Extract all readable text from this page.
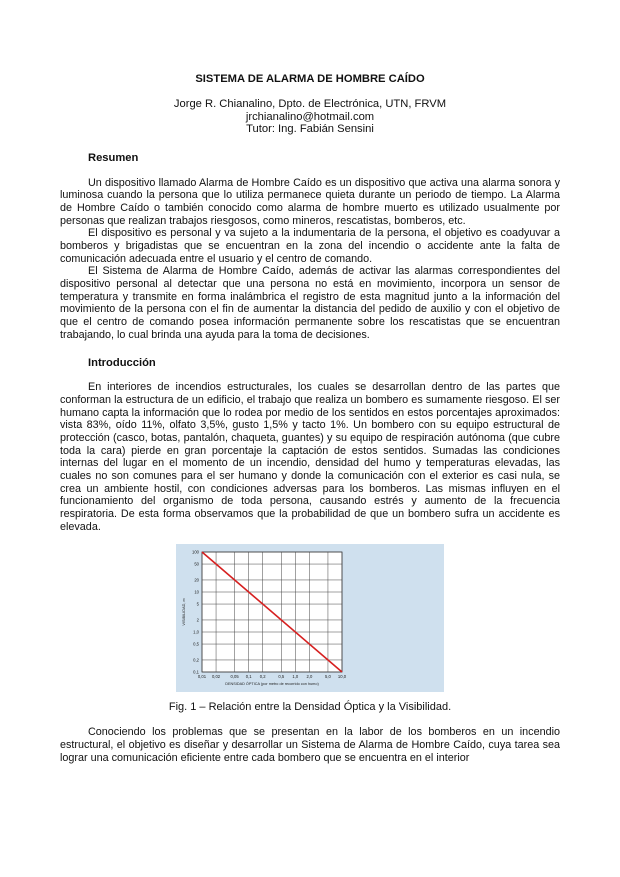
SISTEMA DE ALARMA DE HOMBRE CAÍDO
Jorge R. Chianalino, Dpto. de Electrónica, UTN, FRVM
jrchianalino@hotmail.com
Tutor: Ing. Fabián Sensini
Resumen

Un dispositivo llamado Alarma de Hombre Caído es un dispositivo que activa una alarma sonora y luminosa cuando la persona que lo utiliza permanece quieta durante un periodo de tiempo. La Alarma de Hombre Caído o también conocido como alarma de hombre muerto es utilizado usualmente por personas que realizan trabajos riesgosos, como mineros, rescatistas, bomberos, etc.

El dispositivo es personal y va sujeto a la indumentaria de la persona, el objetivo es coadyuvar a bomberos y brigadistas que se encuentran en la zona del incendio o accidente ante la falta de comunicación adecuada entre el usuario y el centro de comando.

El Sistema de Alarma de Hombre Caído, además de activar las alarmas correspondientes del dispositivo personal al detectar que una persona no está en movimiento, incorpora un sensor de temperatura y transmite en forma inalámbrica el registro de esta magnitud junto a la información del movimiento de la persona con el fin de aumentar la distancia del pedido de auxilio y con el objetivo de que el centro de comando posea información permanente sobre los rescatistas que se encuentran trabajando, lo cual brinda una ayuda para la toma de decisiones.

Introducción

En interiores de incendios estructurales, los cuales se desarrollan dentro de las partes que conforman la estructura de un edificio, el trabajo que realiza un bombero es sumamente riesgoso. El ser humano capta la información que lo rodea por medio de los sentidos en estos porcentajes aproximados: vista 83%, oído 11%, olfato 3,5%, gusto 1,5% y tacto 1%. Un bombero con su equipo estructural de protección (casco, botas, pantalón, chaqueta, guantes) y su equipo de respiración autónoma (que cubre toda la cara) pierde en gran porcentaje la captación de estos sentidos. Sumadas las condiciones internas del lugar en el momento de un incendio, densidad del humo y temperaturas elevadas, las cuales no son comunes para el ser humano y donde la comunicación con el exterior es casi nula, se crea un ambiente hostil, con condiciones adversas para los bomberos. Las mismas influyen en el funcionamiento del organismo de toda persona, causando estrés y aumento de la frecuencia respiratoria. De esta forma observamos que la probabilidad de que un bombero sufra un accidente es elevada.

0,01 0,02 0,05 0,1 0,2	0,5 1,0 2,0	5,0 10,0
100
50
20
10
5
2
1,0
0,5
0,2
0,1
DENSIDAD ÓPTICA (por metro de recorrido con humo)
VISIBILIDAD, m
Fig. 1 – Relación entre la Densidad Óptica y la Visibilidad.

Conociendo los problemas que se presentan en la labor de los bomberos en un incendio estructural, el objetivo es diseñar y desarrollar un Sistema de Alarma de Hombre Caído, cuya tarea sea lograr una comunicación eficiente entre cada bombero que se encuentra en el interior
